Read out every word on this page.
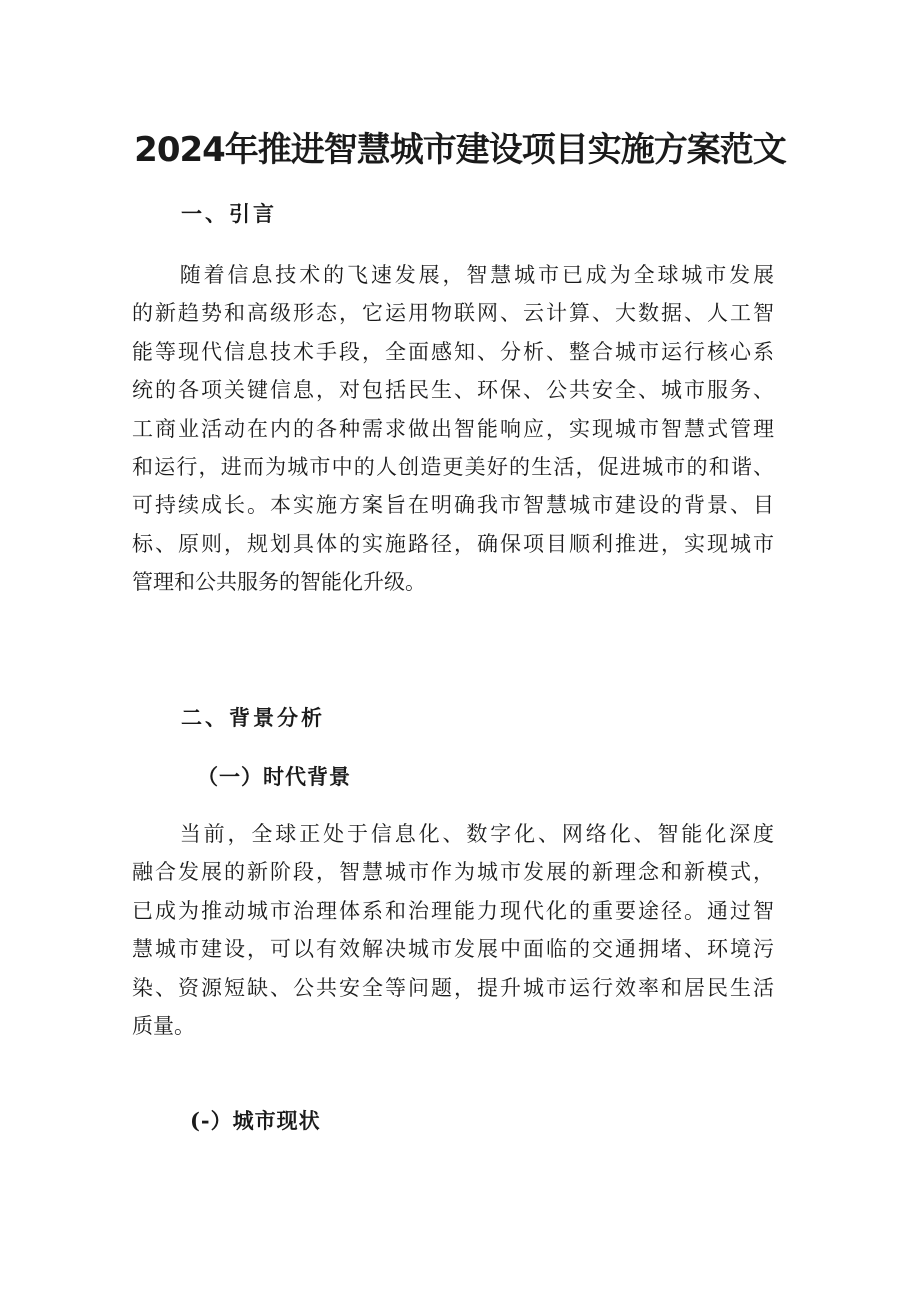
2024年推进智慧城市建设项目实施方案范文
一、引言
　　随着信息技术的飞速发展，智慧城市已成为全球城市发展
的新趋势和高级形态，它运用物联网、云计算、大数据、人工智
能等现代信息技术手段，全面感知、分析、整合城市运行核心系
统的各项关键信息，对包括民生、环保、公共安全、城市服务、
工商业活动在内的各种需求做出智能响应，实现城市智慧式管理
和运行，进而为城市中的人创造更美好的生活，促进城市的和谐、
可持续成长。本实施方案旨在明确我市智慧城市建设的背景、目
标、原则，规划具体的实施路径，确保项目顺利推进，实现城市
管理和公共服务的智能化升级。
二、背景分析
（一）时代背景
　　当前，全球正处于信息化、数字化、网络化、智能化深度
融合发展的新阶段，智慧城市作为城市发展的新理念和新模式，
已成为推动城市治理体系和治理能力现代化的重要途径。通过智
慧城市建设，可以有效解决城市发展中面临的交通拥堵、环境污
染、资源短缺、公共安全等问题，提升城市运行效率和居民生活
质量。
(-）城市现状
